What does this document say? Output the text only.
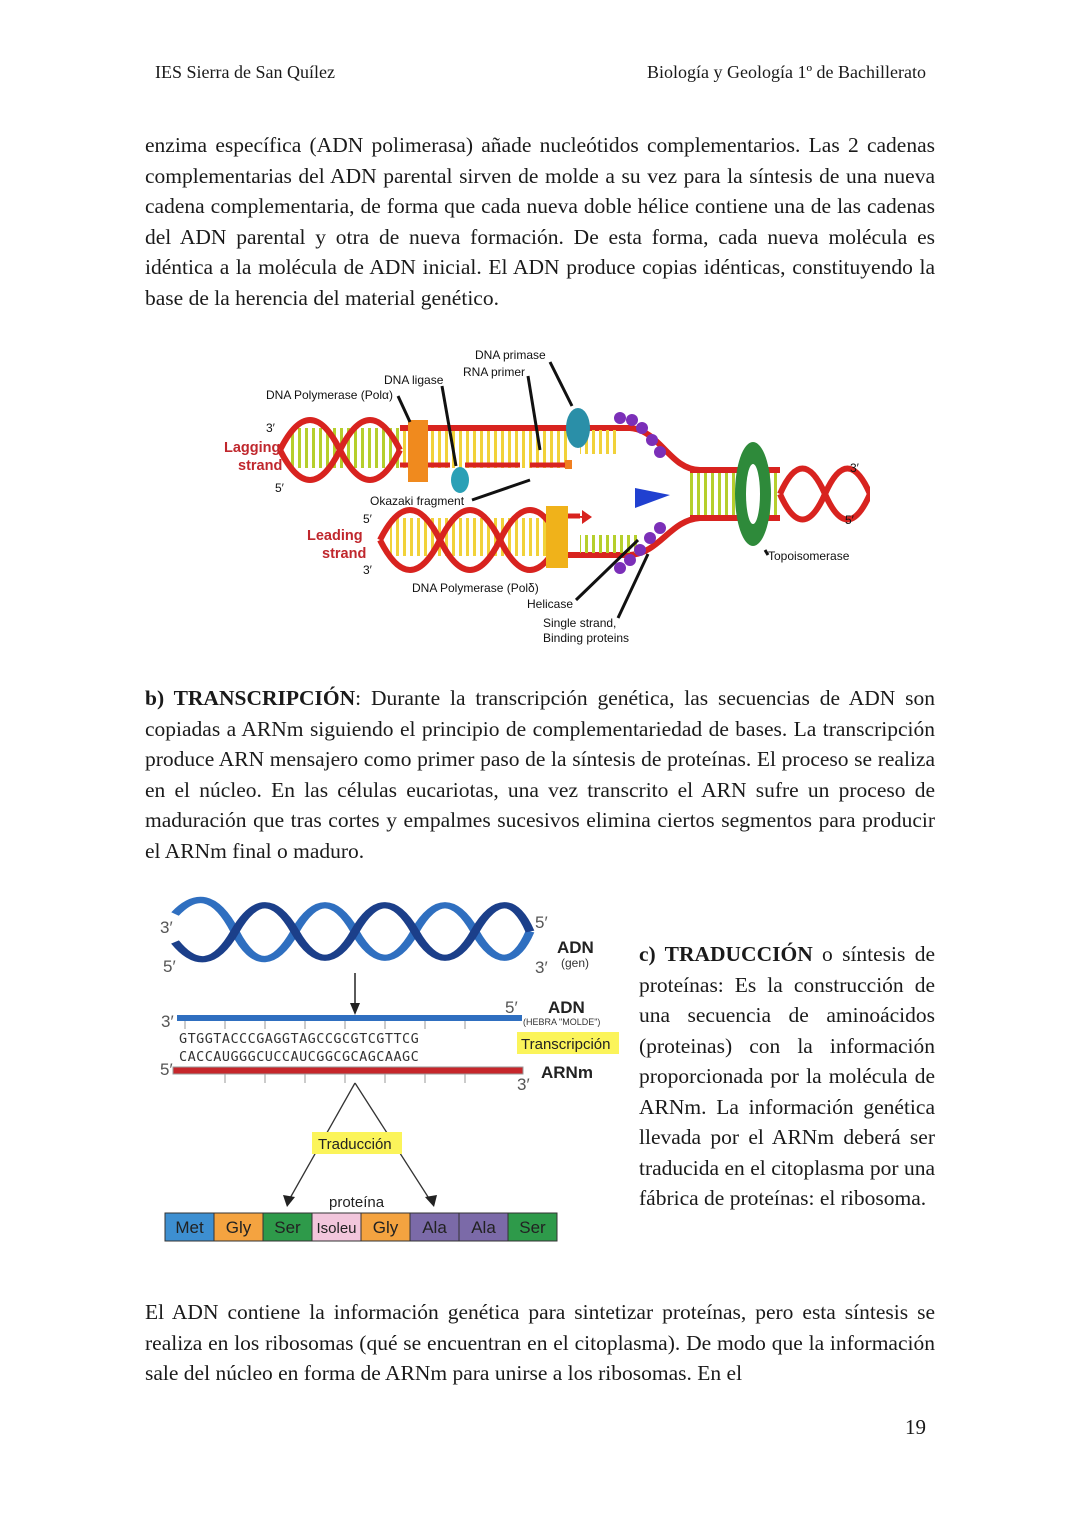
IES Sierra de San Quílez	Biología y Geología 1º de Bachillerato

enzima específica (ADN polimerasa) añade nucleótidos complementarios. Las 2 cadenas complementarias del ADN parental sirven de molde a su vez para la síntesis de una nueva cadena complementaria, de forma que cada nueva doble hélice contiene una de las cadenas del ADN parental y otra de nueva formación. De esta forma, cada nueva molécula es idéntica a la molécula de ADN inicial. El ADN produce copias idénticas, constituyendo la base de la herencia del material genético.

DNA primase
RNA primer
DNA ligase
DNA Polymerase (Polα)
3′
Lagging
strand
5′
Okazaki fragment
5′
Leading
strand
3′
DNA Polymerase (Polδ)
Helicase
Single strand,
Binding proteins
Topoisomerase
3′
5′

b) TRANSCRIPCIÓN: Durante la transcripción genética, las secuencias de ADN son copiadas a ARNm siguiendo el principio de complementariedad de bases. La transcripción produce ARN mensajero como primer paso de la síntesis de proteínas. El proceso se realiza en el núcleo. En las células eucariotas, una vez transcrito el ARN sufre un proceso de maduración que tras cortes y empalmes sucesivos elimina ciertos segmentos para producir el ARNm final o maduro.

3′
5′
5′
3′
ADN
(gen)
3′
5′ ADN
(HEBRA "MOLDE")
GTGGTACCCGAGGTAGCCGCGTCGTTCG
CACCAUGGGCUCCAUCGGCGCAGCAAGC
Transcripción
5′
3′
ARNm
Traducción
proteína
Met Gly Ser Isoleu Gly Ala Ala Ser

c) TRADUCCIÓN o síntesis de proteínas: Es la construcción de una secuencia de aminoácidos (proteinas) con la información proporcionada por la molécula de ARNm. La información genética llevada por el ARNm deberá ser traducida en el citoplasma por una fábrica de proteínas: el ribosoma.

El ADN contiene la información genética para sintetizar proteínas, pero esta síntesis se realiza en los ribosomas (qué se encuentran en el citoplasma). De modo que la información sale del núcleo en forma de ARNm para unirse a los ribosomas. En el

19
